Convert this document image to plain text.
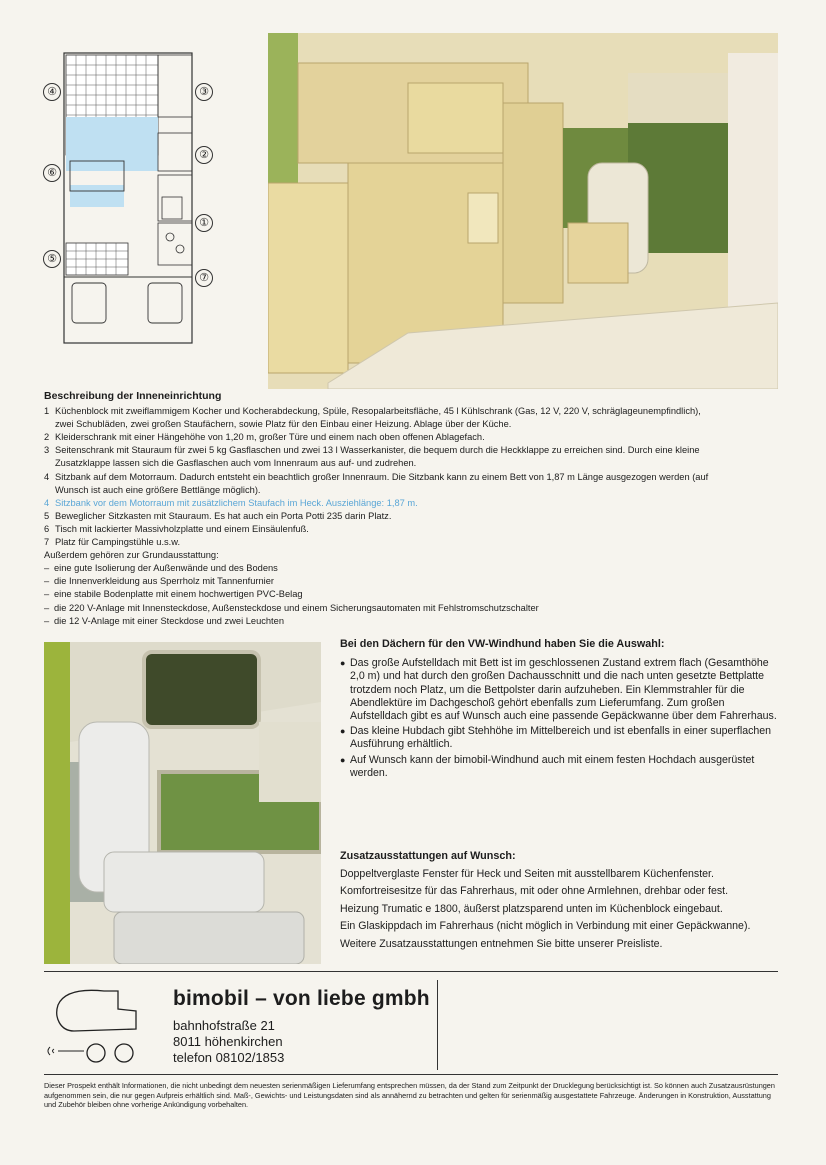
④	③
②
⑥
①
⑤
⑦
Beschreibung der Inneneinrichtung
1 Küchenblock mit zweiflammigem Kocher und Kocherabdeckung, Spüle, Resopalarbeitsfläche, 45 l Kühlschrank (Gas, 12 V, 220 V, schräglageunempfindlich),
zwei Schubläden, zwei großen Staufächern, sowie Platz für den Einbau einer Heizung. Ablage über der Küche.
2 Kleiderschrank mit einer Hängehöhe von 1,20 m, großer Türe und einem nach oben offenen Ablagefach.
3 Seitenschrank mit Stauraum für zwei 5 kg Gasflaschen und zwei 13 l Wasserkanister, die bequem durch die Heckklappe zu erreichen sind. Durch eine kleine
Zusatzklappe lassen sich die Gasflaschen auch vom Innenraum aus auf- und zudrehen.
4 Sitzbank auf dem Motorraum. Dadurch entsteht ein beachtlich großer Innenraum. Die Sitzbank kann zu einem Bett von 1,87 m Länge ausgezogen werden (auf
Wunsch ist auch eine größere Bettlänge möglich).
4 Sitzbank vor dem Motorraum mit zusätzlichem Staufach im Heck. Ausziehlänge: 1,87 m.
5 Beweglicher Sitzkasten mit Stauraum. Es hat auch ein Porta Potti 235 darin Platz.
6 Tisch mit lackierter Massivholzplatte und einem Einsäulenfuß.
7 Platz für Campingstühle u.s.w.
Außerdem gehören zur Grundausstattung:
– eine gute Isolierung der Außenwände und des Bodens
– die Innenverkleidung aus Sperrholz mit Tannenfurnier
– eine stabile Bodenplatte mit einem hochwertigen PVC-Belag
– die 220 V-Anlage mit Innensteckdose, Außensteckdose und einem Sicherungsautomaten mit Fehlstromschutzschalter
– die 12 V-Anlage mit einer Steckdose und zwei Leuchten
Bei den Dächern für den VW-Windhund haben Sie die Auswahl:
● Das große Aufstelldach mit Bett ist im geschlossenen Zustand extrem flach (Gesamthöhe 2,0 m) und hat durch den großen Dachausschnitt und die nach unten gesetzte Bettplatte trotzdem noch Platz, um die Bettpolster darin aufzuheben. Ein Klemmstrahler für die Abendlektüre im Dachgeschoß gehört ebenfalls zum Lieferumfang. Zum großen Aufstelldach gibt es auf Wunsch auch eine passende Gepäckwanne über dem Fahrerhaus.
● Das kleine Hubdach gibt Stehhöhe im Mittelbereich und ist ebenfalls in einer superflachen Ausführung erhältlich.
● Auf Wunsch kann der bimobil-Windhund auch mit einem festen Hochdach ausgerüstet werden.
Zusatzausstattungen auf Wunsch:

Doppeltverglaste Fenster für Heck und Seiten mit ausstellbarem Küchenfenster.

Komfortreisesitze für das Fahrerhaus, mit oder ohne Armlehnen, drehbar oder fest.

Heizung Trumatic e 1800, äußerst platzsparend unten im Küchenblock eingebaut.

Ein Glaskippdach im Fahrerhaus (nicht möglich in Verbindung mit einer Gepäckwanne).

Weitere Zusatzausstattungen entnehmen Sie bitte unserer Preisliste.

bimobil – von liebe gmbh
bahnhofstraße 21
8011 höhenkirchen
telefon 08102/1853
Dieser Prospekt enthält Informationen, die nicht unbedingt dem neuesten serienmäßigen Lieferumfang entsprechen müssen, da der Stand zum Zeitpunkt der Drucklegung berücksichtigt ist. So können auch Zusatzausrüstungen aufgenommen sein, die nur gegen Aufpreis erhältlich sind. Maß-, Gewichts- und Leistungsdaten sind als annähernd zu betrachten und gelten für serienmäßig ausgestattete Fahrzeuge. Änderungen in Konstruktion, Ausstattung und Zubehör bleiben ohne vorherige Ankündigung vorbehalten.
